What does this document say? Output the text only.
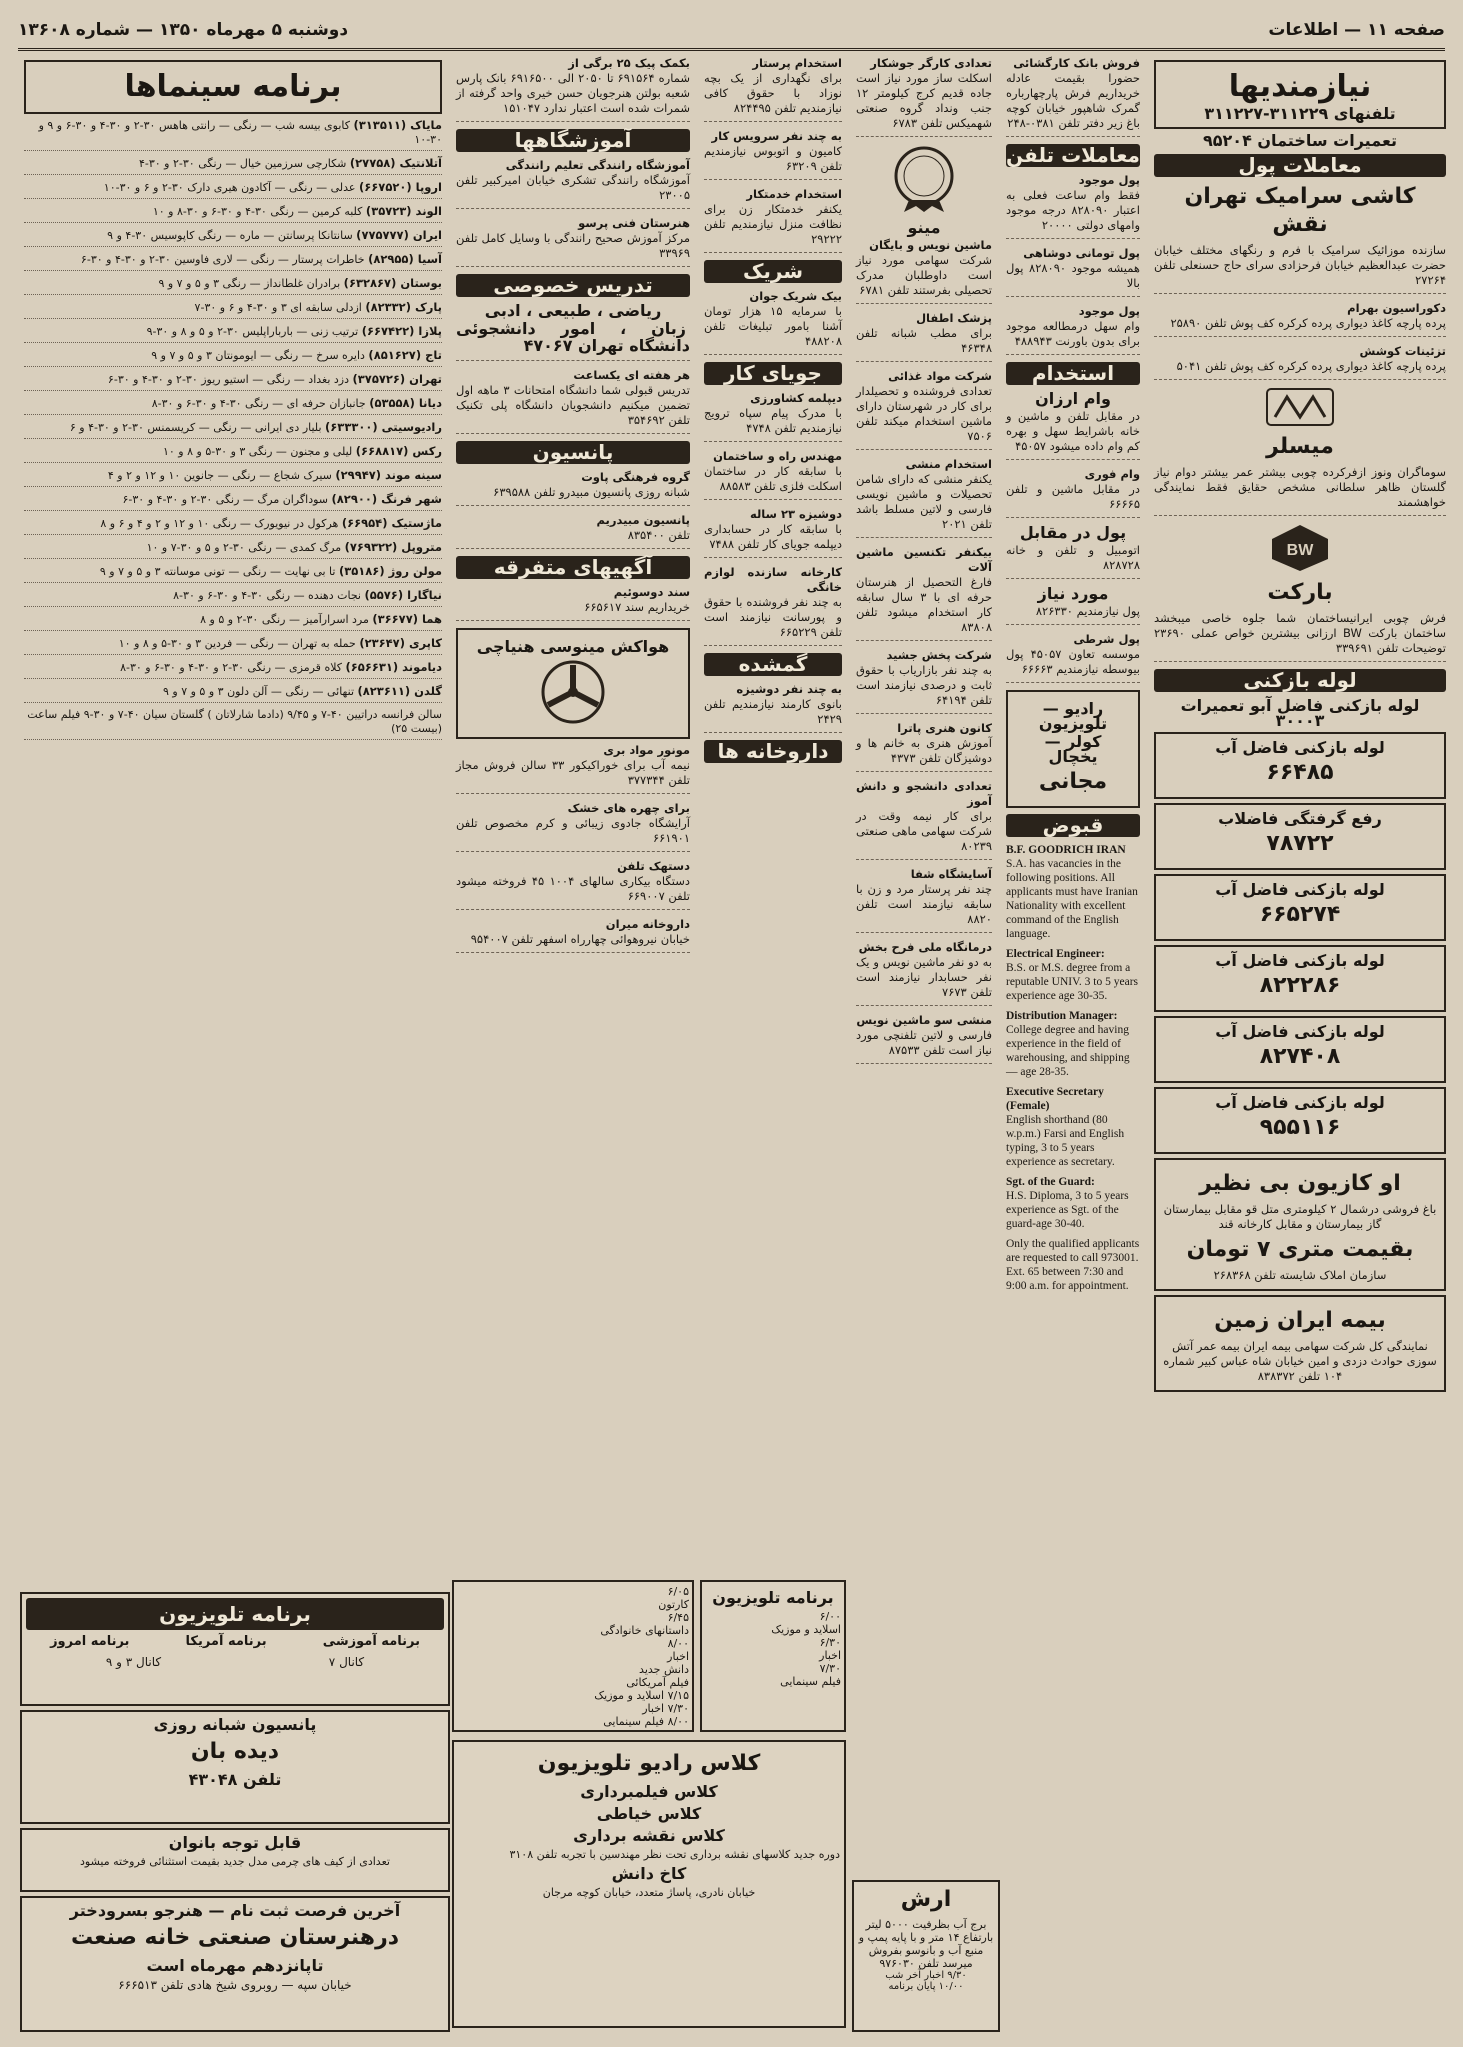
صفحه ۱۱ — اطلاعات
دوشنبه ۵ مهرماه ۱۳۵۰ — شماره ۱۳۶۰۸
نیازمندیها
تلفنهای ۳۱۱۲۲۹-۳۱۱۲۲۷
تعمیرات ساختمان ۹۵۲۰۴
معاملات پول
کاشی سرامیک تهران نقش
سازنده موزائیک سرامیک با فرم و رنگهای مختلف خیابان حضرت عبدالعظیم خیابان فرحزادی سرای حاج حسنعلی تلفن ۲۷۲۶۴
دکوراسیون بهرام
پرده پارچه کاغذ دیواری پرده کرکره کف پوش تلفن ۲۵۸۹۰
تزئینات کوشش
پرده پارچه کاغذ دیواری پرده کرکره کف پوش تلفن ۵۰۴۱
میسلر
سوماگران ونوز ازفرکرده چوبی بیشتر عمر بیشتر دوام نیاز گلستان ظاهر سلطانی مشخص حقایق فقط نمایندگی خواهشمند
BW
بارکت
فرش چوبی ایرانیساختمان شما جلوه خاصی میبخشد ساختمان بارکت BW ارزانی بیشترین خواص عملی ۲۳۶۹۰ توضیحات تلفن ۳۳۹۶۹۱
لوله بازکنی
لوله بازکنی فاضل آبو تعمیرات ۳۰۰۰۳
لوله بازکنی فاضل آب
۶۶۴۸۵
رفع گرفتگی فاضلاب
۷۸۷۲۲
لوله بازکنی فاضل آب
۶۶۵۲۷۴
لوله بازکنی فاضل آب
۸۲۲۲۸۶
لوله بازکنی فاضل آب
۸۲۷۴۰۸
لوله بازکنی فاضل آب
۹۵۵۱۱۶
او کازیون بی نظیر
باغ فروشی درشمال ۲ کیلومتری متل قو مقابل بیمارستان گاز بیمارستان و مقابل کارخانه قند
بقیمت متری ۷ تومان
سازمان املاک شایسته تلفن ۲۶۸۳۶۸
بیمه ایران زمین
نمایندگی کل شرکت سهامی بیمه ایران بیمه عمر آتش سوزی حوادث دزدی و امین خیابان شاه عباس کبیر شماره ۱۰۴ تلفن ۸۳۸۳۷۲
فروش بانک کارگشائی
حضورا بقیمت عادله خریداریم فرش پارچهارباره گمرک شاهپور خیابان کوچه باغ زیر دفتر تلفن ۰۳۸۱-۲۴۸
معاملات تلفن
پول موجود
فقط وام ساعت فعلی به اعتبار ۸۲۸۰۹۰ درجه موجود وامهای دولتی ۲۰۰۰۰
پول تومانی دوشاهی
همیشه موجود ۸۲۸۰۹۰ پول بالا
پول موجود
وام سهل درمطالعه موجود برای بدون باورنت ۴۸۸۹۴۳
استخدام
وام ارزان
در مقابل تلفن و ماشین و خانه باشرایط سهل و بهره کم وام داده میشود ۴۵۰۵۷
وام فوری
در مقابل ماشین و تلفن ۶۶۶۶۵
پول در مقابل
اتومبیل و تلفن و خانه ۸۲۸۷۲۸
مورد نیاز
پول نیازمندیم ۸۲۶۳۳۰
پول شرطی
موسسه تعاون ۴۵۰۵۷ پول بیوسطه نیازمندیم ۶۶۶۶۳
رادیو — تلویزیون
کولر — یخچال
مجانی
قبوض
B.F. GOODRICH IRAN
S.A. has vacancies in the following positions. All applicants must have Iranian Nationality with excellent command of the English language.
Electrical Engineer:
B.S. or M.S. degree from a reputable UNIV. 3 to 5 years experience age 30-35.
Distribution Manager:
College degree and having experience in the field of warehousing, and shipping — age 28-35.
Executive Secretary (Female)
English shorthand (80 w.p.m.) Farsi and English typing, 3 to 5 years experience as secretary.
Sgt. of the Guard:
H.S. Diploma, 3 to 5 years experience as Sgt. of the guard-age 30-40.
Only the qualified applicants are requested to call 973001. Ext. 65 between 7:30 and 9:00 a.m. for appointment.
تعدادی کارگر جوشکار
اسکلت ساز مورد نیاز است جاده قدیم کرج کیلومتر ۱۲ جنب ونداد گروه صنعتی شهمیکس تلفن ۶۷۸۳
مینو
ماشین نویس و بایگان
شرکت سهامی مورد نیاز است داوطلبان مدرک تحصیلی بفرستند تلفن ۶۷۸۱
پزشک اطفال
برای مطب شبانه تلفن ۴۶۳۴۸
شرکت مواد غذائی
تعدادی فروشنده و تحصیلدار برای کار در شهرستان دارای ماشین استخدام میکند تلفن ۷۵۰۶
استخدام منشی
یکنفر منشی که دارای شامن تحصیلات و ماشین نویسی فارسی و لاتین مسلط باشد تلفن ۲۰۲۱
بیکنفر تکنسین ماشین آلات
فارغ التحصیل از هنرستان حرفه ای با ۳ سال سابقه کار استخدام میشود تلفن ۸۳۸۰۸
شرکت پخش جشید
به چند نفر بازاریاب با حقوق ثابت و درصدی نیازمند است تلفن ۶۴۱۹۴
کانون هنری پاترا
آموزش هنری به خانم ها و دوشیزگان تلفن ۴۳۷۳
تعدادی دانشجو و دانش آموز
برای کار نیمه وقت در شرکت سهامی ماهی صنعتی ۸۰۲۳۹
آسایشگاه شفا
چند نفر پرستار مرد و زن با سابقه نیازمند است تلفن ۸۸۲۰
درمانگاه ملی فرح بخش
به دو نفر ماشین نویس و یک نفر حسابدار نیازمند است تلفن ۷۶۷۳
منشی سو ماشین نویس
فارسی و لاتین تلفنچی مورد نیاز است تلفن ۸۷۵۳۳
استخدام پرستار
برای نگهداری از یک بچه نوزاد با حقوق کافی نیازمندیم تلفن ۸۲۴۴۹۵
به چند نفر سرویس کار
کامیون و اتوبوس نیازمندیم تلفن ۶۳۲۰۹
استخدام خدمتکار
یکنفر خدمتکار زن برای نظافت منزل نیازمندیم تلفن ۲۹۲۲۲
شریک
بیک شریک جوان
با سرمایه ۱۵ هزار تومان آشنا بامور تبلیغات تلفن ۴۸۸۲۰۸
جویای کار
دیپلمه کشاورزی
با مدرک پیام سپاه ترویج نیازمندیم تلفن ۴۷۴۸
مهندس راه و ساختمان
با سابقه کار در ساختمان اسکلت فلزی تلفن ۸۸۵۸۳
دوشیزه ۲۳ ساله
با سابقه کار در حسابداری دیپلمه جویای کار تلفن ۷۴۸۸
کارخانه سازنده لوازم خانگی
به چند نفر فروشنده با حقوق و پورسانت نیازمند است تلفن ۶۶۵۲۲۹
گمشده
به چند نفر دوشیزه
بانوی کارمند نیازمندیم تلفن ۲۴۲۹
داروخانه ها
بکمک پیک ۲۵ برگی از
شماره ۶۹۱۵۶۴ تا ۲۰۵۰ الی ۶۹۱۶۵۰۰ بانک پارس شعبه بولتن هنرجویان حسن خیرى واحد گرفته از شمرات شده است اعتبار ندارد ۱۵۱۰۴۷
آموزشگاهها
آموزشگاه رانندگی تعلیم رانندگی
آموزشگاه رانندگی تشکری خیابان امیرکبیر تلفن ۲۳۰۰۵
هنرستان فنی پرسو
مرکز آموزش صحیح رانندگی با وسایل کامل تلفن ۳۳۹۶۹
تدریس خصوصی
ریاضی ، طبیعی ، ادبی
زبان ، امور دانشجوئی دانشگاه تهران ۴۷۰۶۷
هر هفته ای یکساعت
تدریس قبولی شما دانشگاه امتحانات ۳ ماهه اول تضمین میکنیم دانشجویان دانشگاه پلی تکنیک تلفن ۳۵۴۶۹۲
پانسیون
گروه فرهنگی پاوت
شبانه روزی پانسیون مبیدرو تلفن ۶۳۹۵۸۸
پانسیون مبیدریم
تلفن ۸۳۵۴۰۰
آگهیهای متفرقه
سند دوسوئیم
خریداریم سند ۶۶۵۶۱۷
هواکش مینوسی هنیاچی
مونور مواد بری
نیمه آب برای خوراکیکور ۳۳ سالن فروش مجاز تلفن ۳۷۷۳۴۴
برای چهره های خشک
آرایشگاه جادوی زیبائی و کرم مخصوص تلفن ۶۶۱۹۰۱
دستهک تلفن
دستگاه بیکاری سالهای ۱۰۰۴ ۴۵ فروخته میشود تلفن ۶۶۹۰۰۷
داروخانه میران
خیابان نیروهوائی چهارراه اسفهر تلفن ۹۵۴۰۰۷
برنامه سینماها
مایاک (۳۱۳۵۱۱) کابوی بیسه شب — رنگی — رانتی هاهس ۳۰-۲ و ۳۰-۴ و ۳۰-۶ و ۹ و ۳۰-۱۰
آتلانتیک (۲۷۷۵۸) شکارچی سرزمین خیال — رنگی ۳۰-۲ و ۳۰-۴
اروپا (۶۶۷۵۲۰) عدلی — رنگی — آکادون هیری دارک ۳۰-۲ و ۶ و ۳۰-۱۰
الوند (۳۵۷۲۳) کلبه کرمین — رنگی ۳۰-۴ و ۳۰-۶ و ۳۰-۸ و ۱۰
ایران (۷۷۵۷۷۷) سانتانکا پرسانتن — ماره — رنگی کاپوسیس ۳۰-۴ و ۹
آسیا (۸۲۹۵۵) خاطرات پرستار — رنگی — لاری فاوسین ۳۰-۲ و ۳۰-۴ و ۳۰-۶
بوستان (۶۳۲۸۶۷) برادران غلطانداز — رنگی ۳ و ۵ و ۷ و ۹
پارک (۸۲۳۳۲) ازدلی سابقه ای ۳ و ۳۰-۴ و ۶ و ۳۰-۷
پلازا (۶۶۷۴۲۲) ترتیب زنی — بارباراپلیس ۳۰-۲ و ۵ و ۸ و ۳۰-۹
تاج (۸۵۱۶۲۷) دایره سرخ — رنگی — ایومونتان ۳ و ۵ و ۷ و ۹
تهران (۳۷۵۷۲۶) دزد بغداد — رنگی — استیو ریوز ۳۰-۲ و ۳۰-۴ و ۳۰-۶
دیانا (۵۳۵۵۸) جانبازان حرفه ای — رنگی ۳۰-۴ و ۳۰-۶ و ۳۰-۸
رادیوسیتی (۶۳۳۳۰۰) بلیار دی ایرانی — رنگی — کریسمنس ۳۰-۲ و ۳۰-۴ و ۶
رکس (۶۶۸۸۱۷) لیلی و مجنون — رنگی ۳ و ۳۰-۵ و ۸ و ۱۰
سینه موند (۲۹۹۴۷) سیرک شجاع — رنگی — جانوین ۱۰ و ۱۲ و ۲ و ۴
شهر فرنگ (۸۲۹۰۰) سوداگران مرگ — رنگی ۳۰-۲ و ۳۰-۴ و ۳۰-۶
ماژستیک (۶۶۹۵۴) هرکول در نیویورک — رنگی ۱۰ و ۱۲ و ۲ و ۴ و ۶ و ۸
متروپل (۷۶۹۳۲۲) مرگ کمدی — رنگی ۳۰-۲ و ۵ و ۳۰-۷ و ۱۰
مولن روژ (۳۵۱۸۶) تا بی نهایت — رنگی — تونی موسانته ۳ و ۵ و ۷ و ۹
نیاگارا (۵۵۷۶) نجات دهنده — رنگی ۳۰-۴ و ۳۰-۶ و ۳۰-۸
هما (۳۶۶۷۷) مرد اسرارآمیز — رنگی ۳۰-۲ و ۵ و ۸
کاپری (۲۳۶۴۷) حمله به تهران — رنگی — فردین ۳ و ۳۰-۵ و ۸ و ۱۰
دیاموند (۶۵۶۶۳۱) کلاه قرمزی — رنگی ۳۰-۲ و ۳۰-۴ و ۳۰-۶ و ۳۰-۸
گلدن (۸۲۳۶۱۱) تنهائی — رنگی — آلن دلون ۳ و ۵ و ۷ و ۹
سالن فرانسه دراتیین ۴۰-۷ و ۹/۴۵ (دادما شارلاتان ) گلستان سیان ۴۰-۷ و ۳۰-۹ فیلم ساعت (بیست ۲۵)
برنامه تلویزیون
برنامه آموزشی
برنامه آمریکا
برنامه امروز
کانال ۷
کانال ۳ و ۹
پانسیون شبانه روزی
دیده بان
تلفن ۴۳۰۴۸
قابل توجه بانوان
تعدادی از کیف های چرمی مدل جدید بقیمت استثنائی فروخته میشود
آخرین فرصت ثبت نام — هنرجو بسرودختر
درهنرستان صنعتی خانه صنعت
تاپانزدهم مهرماه است
خیابان سپه — روبروی شیخ هادی تلفن ۶۶۶۵۱۳
کلاس رادیو تلویزیون
کلاس فیلمبرداری
کلاس خیاطی
کلاس نقشه برداری
دوره جدید کلاسهای نقشه برداری تحت نظر مهندسین با تجربه تلفن ۳۱۰۸
کاخ دانش
خیابان نادری، پاساژ متعدد، خیابان کوچه مرجان
برنامه تلویزیون
۶/۰۰
اسلاید و موزیک
۶/۳۰
اخبار
۷/۳۰
فیلم سینمایی
۶/۰۵
کارتون
۶/۴۵
داستانهای خانوادگی
۸/۰۰
اخبار
دانش جدید
فیلم آمریکائی
۷/۱۵ اسلاید و موزیک
۷/۳۰ اخبار
۸/۰۰ فیلم سینمایی
ارش
برج آب بظرفیت ۵۰۰۰ لیتر بارتفاع ۱۴ متر و با پایه پمپ و منبع آب و بانوسو بفروش میرسد تلفن ۹۷۶۰۳۰
۹/۳۰ اخبار آخر شب
۱۰/۰۰ پایان برنامه
